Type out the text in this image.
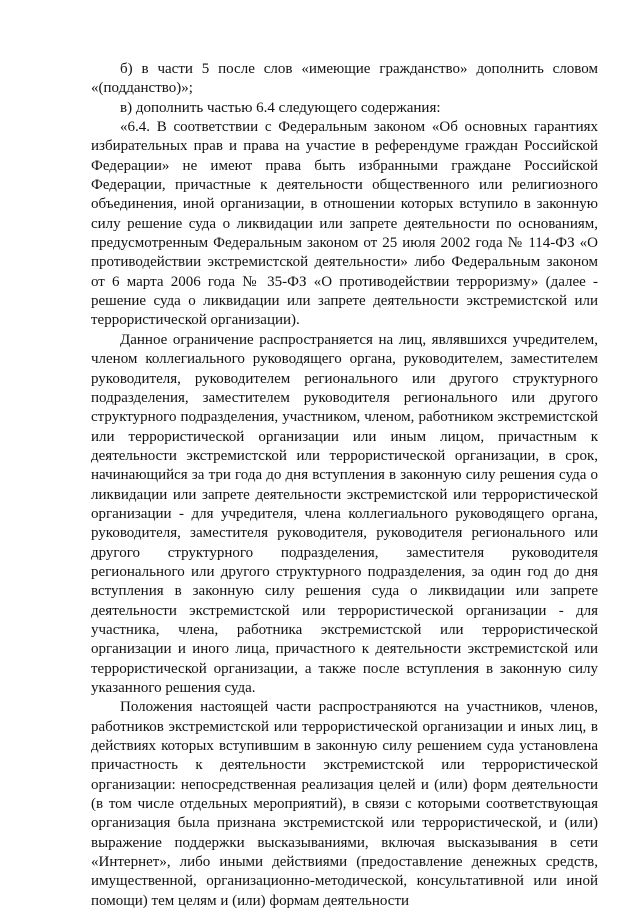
б) в части 5 после слов «имеющие гражданство» дополнить словом «(подданство)»;

в) дополнить частью 6.4 следующего содержания:

«6.4. В соответствии с Федеральным законом «Об основных гарантиях избирательных прав и права на участие в референдуме граждан Российской Федерации» не имеют права быть избранными граждане Российской Федерации, причастные к деятельности общественного или религиозного объединения, иной организации, в отношении которых вступило в законную силу решение суда о ликвидации или запрете деятельности по основаниям, предусмотренным Федеральным законом от 25 июля 2002 года № 114-ФЗ «О противодействии экстремистской деятельности» либо Федеральным законом от 6 марта 2006 года № 35-ФЗ «О противодействии терроризму» (далее - решение суда о ликвидации или запрете деятельности экстремистской или террористической организации).

Данное ограничение распространяется на лиц, являвшихся учредителем, членом коллегиального руководящего органа, руководителем, заместителем руководителя, руководителем регионального или другого структурного подразделения, заместителем руководителя регионального или другого структурного подразделения, участником, членом, работником экстремистской или террористической организации или иным лицом, причастным к деятельности экстремистской или террористической организации, в срок, начинающийся за три года до дня вступления в законную силу решения суда о ликвидации или запрете деятельности экстремистской или террористической организации - для учредителя, члена коллегиального руководящего органа, руководителя, заместителя руководителя, руководителя регионального или другого структурного подразделения, заместителя руководителя регионального или другого структурного подразделения, за один год до дня вступления в законную силу решения суда о ликвидации или запрете деятельности экстремистской или террористической организации - для участника, члена, работника экстремистской или террористической организации и иного лица, причастного к деятельности экстремистской или террористической организации, а также после вступления в законную силу указанного решения суда.

Положения настоящей части распространяются на участников, членов, работников экстремистской или террористической организации и иных лиц, в действиях которых вступившим в законную силу решением суда установлена причастность к деятельности экстремистской или террористической организации: непосредственная реализация целей и (или) форм деятельности (в том числе отдельных мероприятий), в связи с которыми соответствующая организация была признана экстремистской или террористической, и (или) выражение поддержки высказываниями, включая высказывания в сети «Интернет», либо иными действиями (предоставление денежных средств, имущественной, организационно-методической, консультативной или иной помощи) тем целям и (или) формам деятельности
